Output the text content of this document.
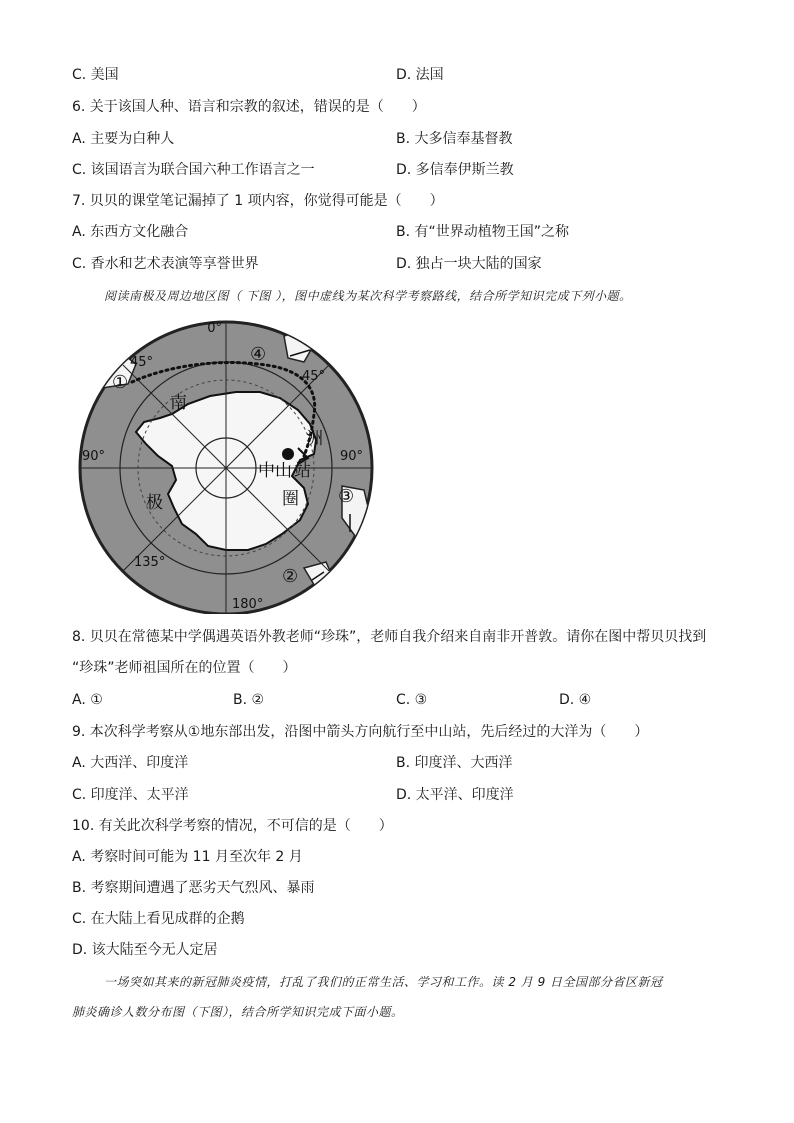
C. 美国	D. 法国
6. 关于该国人种、语言和宗教的叙述，错误的是（　　）
A. 主要为白种人	B. 大多信奉基督教
C. 该国语言为联合国六种工作语言之一	D. 多信奉伊斯兰教
7. 贝贝的课堂笔记漏掉了 1 项内容，你觉得可能是（　　）
A. 东西方文化融合	B. 有“世界动植物王国”之称
C. 香水和艺术表演等享誉世界	D. 独占一块大陆的国家
阅读南极及周边地区图（ 下图 ），图中虚线为某次科学考察路线，结合所学知识完成下列小题。
0°
45°
45°
90°	90°
135°
180°
南
极
洲
中山 站
圈
①
②
③
④
8. 贝贝在常德某中学偶遇英语外教老师“珍珠”，老师自我介绍来自南非开普敦。请你在图中帮贝贝找到
“珍珠”老师祖国所在的位置（　　）
A. ①	B. ②	C. ③	D. ④
9. 本次科学考察从①地东部出发，沿图中箭头方向航行至中山站，先后经过的大洋为（　　）
A. 大西洋、印度洋	B. 印度洋、大西洋
C. 印度洋、太平洋	D. 太平洋、印度洋
10. 有关此次科学考察的情况，不可信的是（　　）
A. 考察时间可能为 11 月至次年 2 月
B. 考察期间遭遇了恶劣天气烈风、暴雨
C. 在大陆上看见成群的企鹅
D. 该大陆至今无人定居
一场突如其来的新冠肺炎疫情，打乱了我们的正常生活、学习和工作。读 2 月 9 日全国部分省区新冠
肺炎确诊人数分布图（下图），结合所学知识完成下面小题。
